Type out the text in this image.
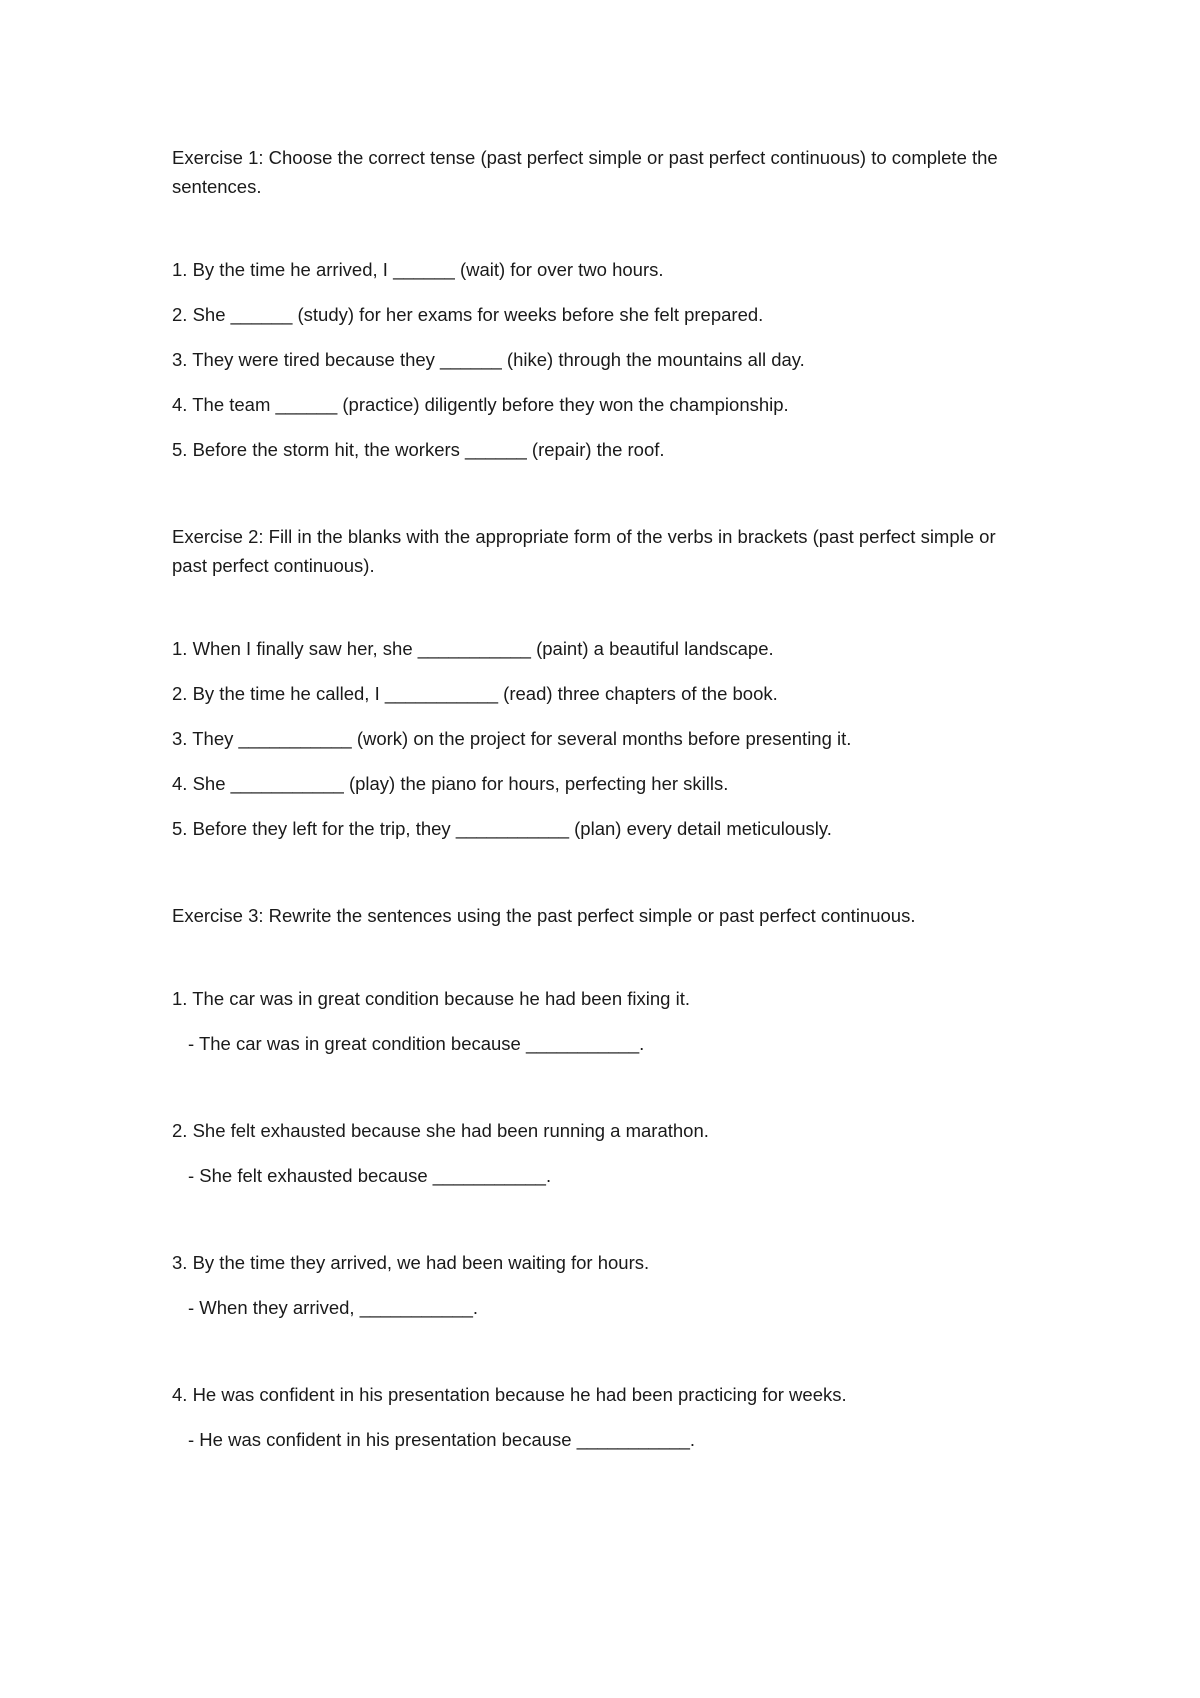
Exercise 1: Choose the correct tense (past perfect simple or past perfect continuous) to complete the sentences.

1. By the time he arrived, I ______ (wait) for over two hours.
2. She ______ (study) for her exams for weeks before she felt prepared.
3. They were tired because they ______ (hike) through the mountains all day.
4. The team ______ (practice) diligently before they won the championship.
5. Before the storm hit, the workers ______ (repair) the roof.

Exercise 2: Fill in the blanks with the appropriate form of the verbs in brackets (past perfect simple or past perfect continuous).

1. When I finally saw her, she ___________ (paint) a beautiful landscape.
2. By the time he called, I ___________ (read) three chapters of the book.
3. They ___________ (work) on the project for several months before presenting it.
4. She ___________ (play) the piano for hours, perfecting her skills.
5. Before they left for the trip, they ___________ (plan) every detail meticulously.

Exercise 3: Rewrite the sentences using the past perfect simple or past perfect continuous.

1. The car was in great condition because he had been fixing it.

- The car was in great condition because ___________.

2. She felt exhausted because she had been running a marathon.

- She felt exhausted because ___________.

3. By the time they arrived, we had been waiting for hours.

- When they arrived, ___________.

4. He was confident in his presentation because he had been practicing for weeks.

- He was confident in his presentation because ___________.
